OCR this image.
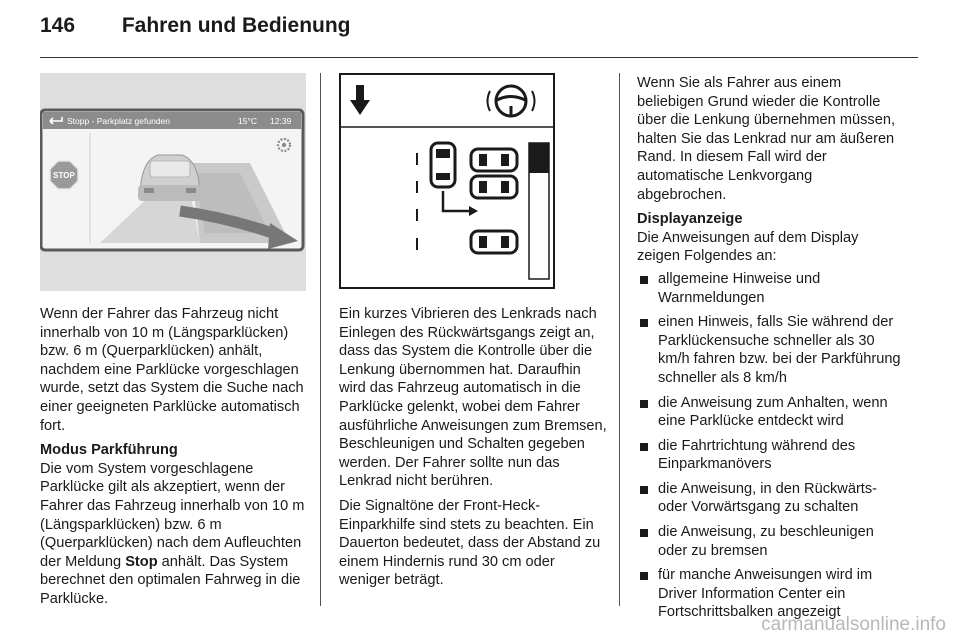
146 Fahren und Bedienung
Stopp - Parkplatz gefunden	15°C 12:39
STOP

Wenn der Fahrer das Fahrzeug nicht innerhalb von 10 m (Längsparklücken) bzw. 6 m (Querparklücken) anhält, nachdem eine Parklücke vorgeschlagen wurde, setzt das System die Suche nach einer geeigneten Parklücke automatisch fort.

Modus Parkführung

Die vom System vorgeschlagene Parklücke gilt als akzeptiert, wenn der Fahrer das Fahrzeug innerhalb von 10 m (Längsparklücken) bzw. 6 m (Querparklücken) nach dem Aufleuchten der Meldung Stop anhält. Das System berechnet den optimalen Fahrweg in die Parklücke.

Ein kurzes Vibrieren des Lenkrads nach Einlegen des Rückwärtsgangs zeigt an, dass das System die Kontrolle über die Lenkung übernommen hat. Daraufhin wird das Fahrzeug automatisch in die Parklücke gelenkt, wobei dem Fahrer ausführliche Anweisungen zum Bremsen, Beschleunigen und Schalten gegeben werden. Der Fahrer sollte nun das Lenkrad nicht berühren.

Die Signaltöne der Front-Heck-Einparkhilfe sind stets zu beachten. Ein Dauerton bedeutet, dass der Abstand zu einem Hindernis rund 30 cm oder weniger beträgt.

Wenn Sie als Fahrer aus einem beliebigen Grund wieder die Kontrolle über die Lenkung übernehmen müssen, halten Sie das Lenkrad nur am äußeren Rand. In diesem Fall wird der automatische Lenkvorgang abgebrochen.

Displayanzeige
Die Anweisungen auf dem Display zeigen Folgendes an:
allgemeine Hinweise und Warnmeldungen
einen Hinweis, falls Sie während der Parklückensuche schneller als 30 km/h fahren bzw. bei der Parkführung schneller als 8 km/h
die Anweisung zum Anhalten, wenn eine Parklücke entdeckt wird
die Fahrtrichtung während des Einparkmanövers
die Anweisung, in den Rückwärts- oder Vorwärtsgang zu schalten
die Anweisung, zu beschleunigen oder zu bremsen
für manche Anweisungen wird im Driver Information Center ein Fortschrittsbalken angezeigt
carmanualsonline.info
